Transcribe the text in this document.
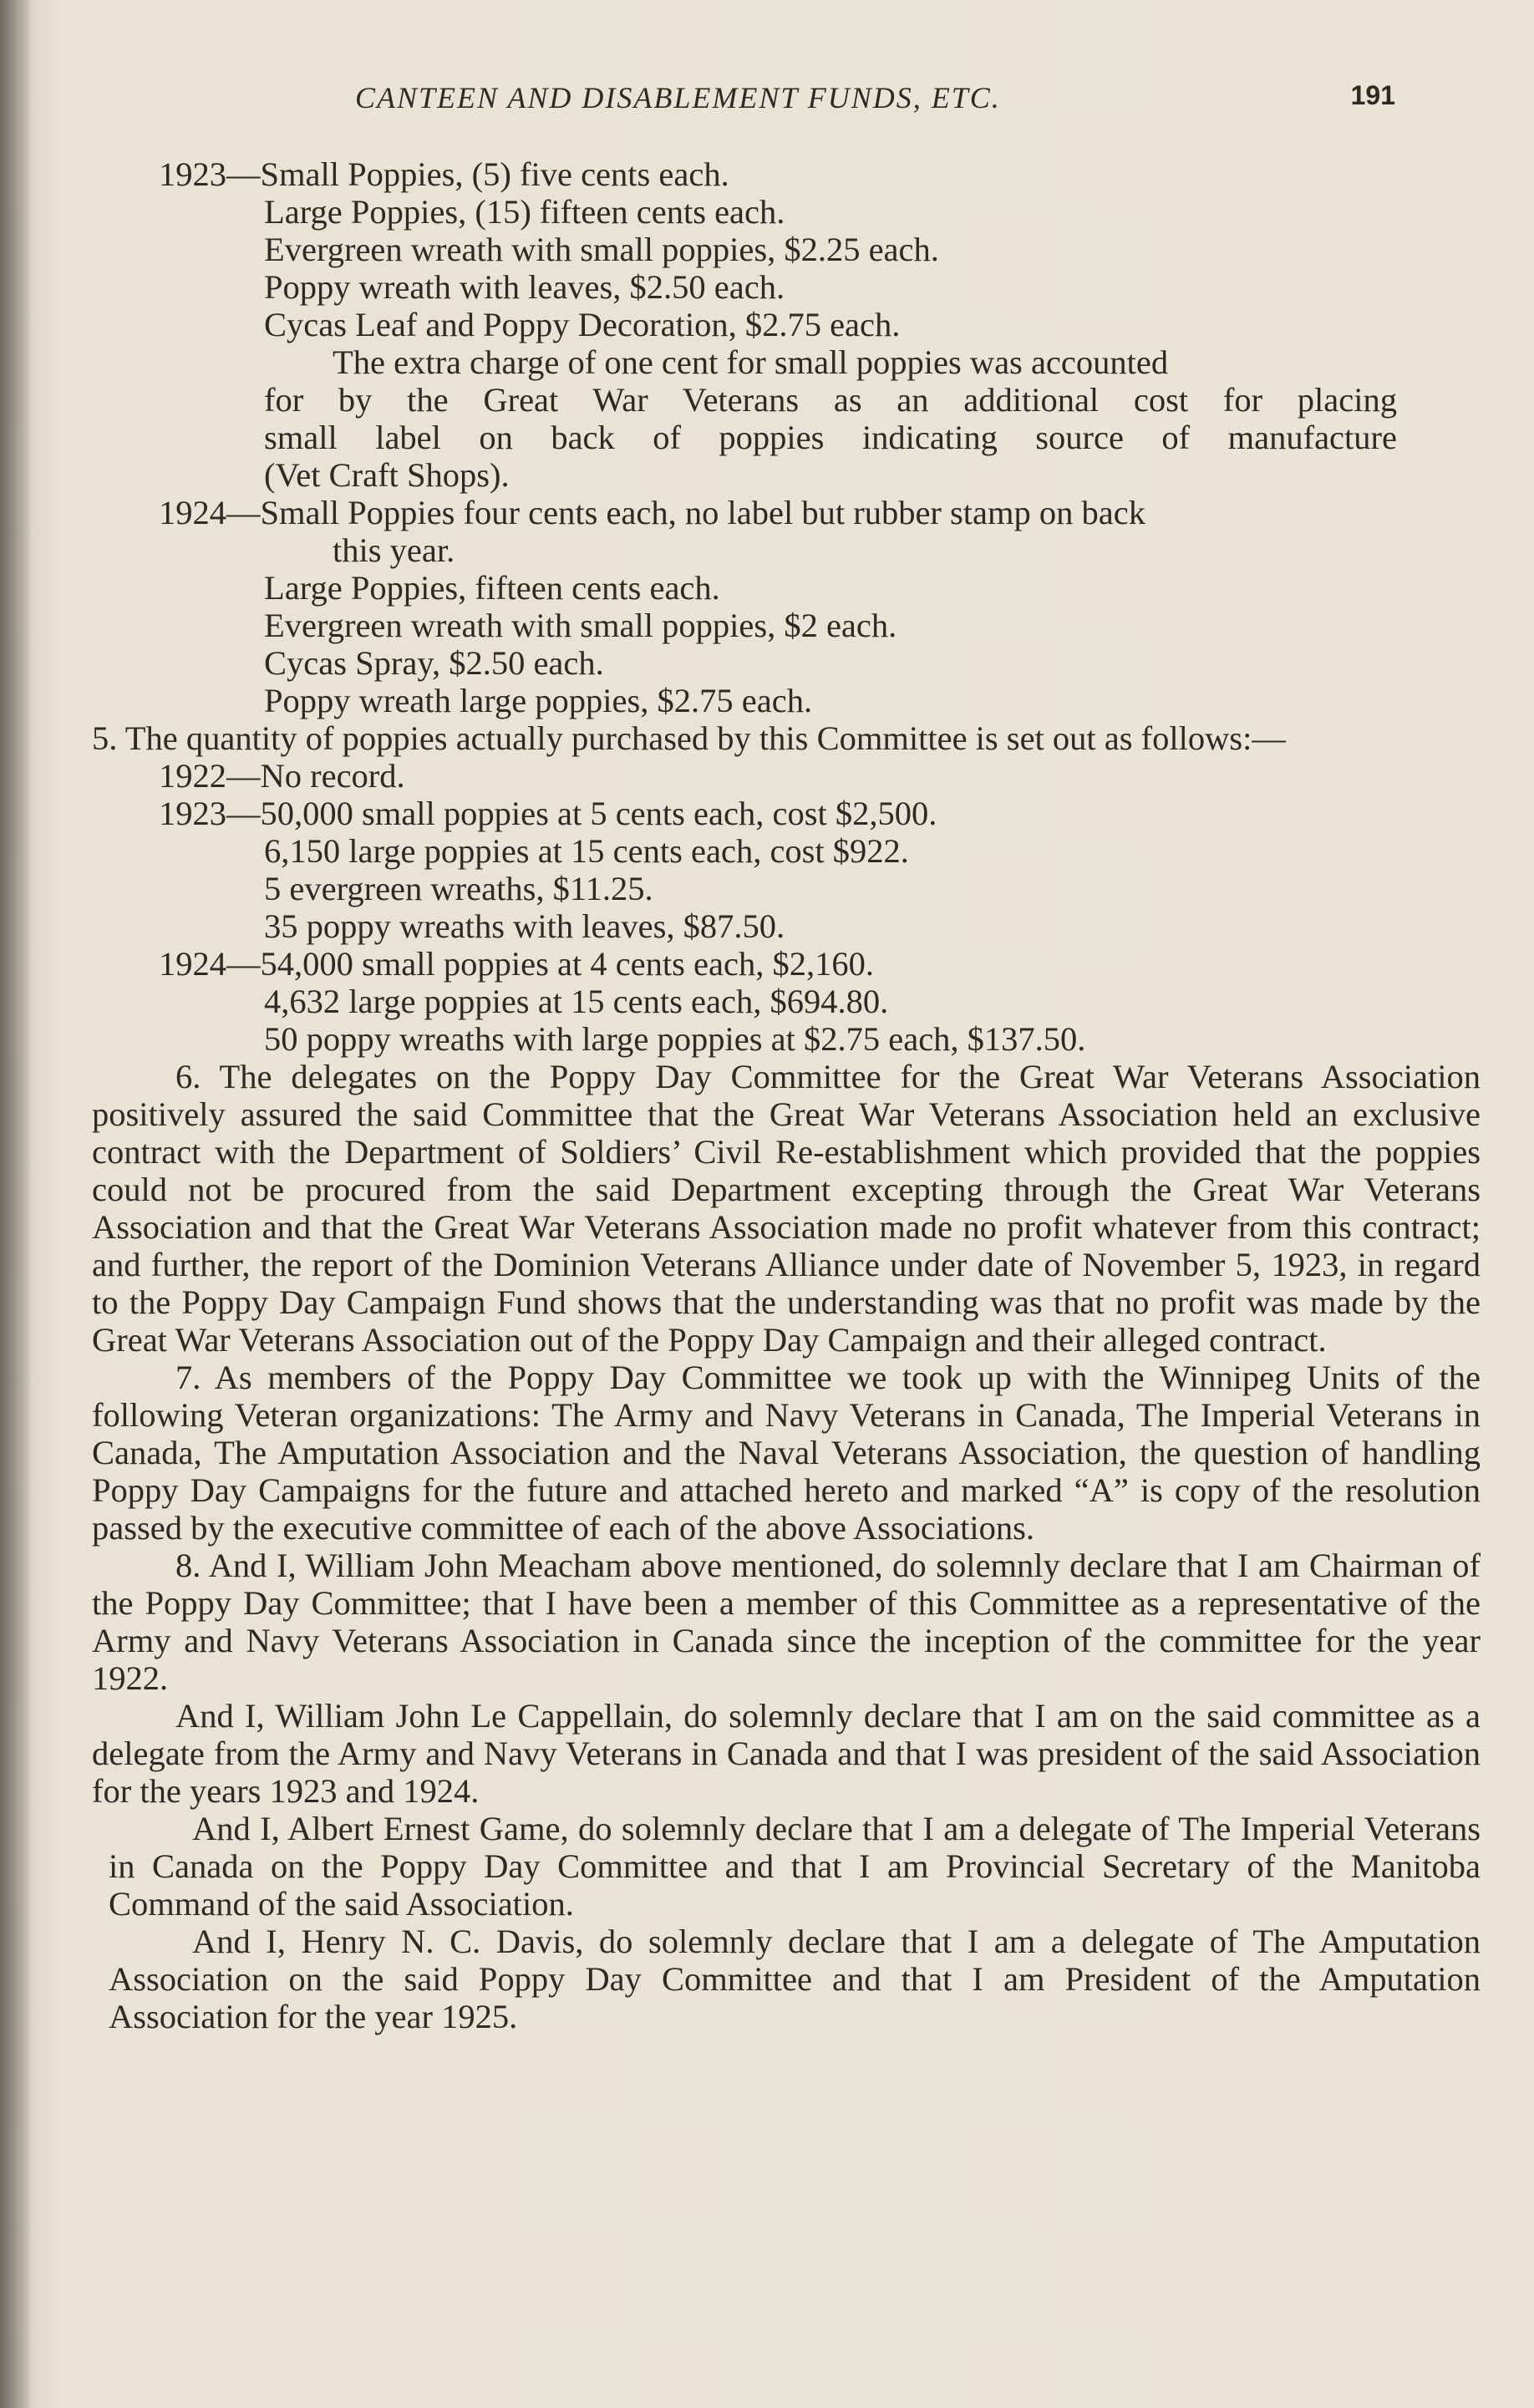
CANTEEN AND DISABLEMENT FUNDS, ETC.	191

1923—Small Poppies, (5) five cents each.

Large Poppies, (15) fifteen cents each.

Evergreen wreath with small poppies, $2.25 each.

Poppy wreath with leaves, $2.50 each.

Cycas Leaf and Poppy Decoration, $2.75 each.

The extra charge of one cent for small poppies was accounted

for by the Great War Veterans as an additional cost for placing

small label on back of poppies indicating source of manufacture

(Vet Craft Shops).

1924—Small Poppies four cents each, no label but rubber stamp on back

this year.

Large Poppies, fifteen cents each.

Evergreen wreath with small poppies, $2 each.

Cycas Spray, $2.50 each.

Poppy wreath large poppies, $2.75 each.

5. The quantity of poppies actually purchased by this Committee is set out as follows:—

1922—No record.

1923—50,000 small poppies at 5 cents each, cost $2,500.

6,150 large poppies at 15 cents each, cost $922.

5 evergreen wreaths, $11.25.

35 poppy wreaths with leaves, $87.50.

1924—54,000 small poppies at 4 cents each, $2,160.

4,632 large poppies at 15 cents each, $694.80.

50 poppy wreaths with large poppies at $2.75 each, $137.50.

6. The delegates on the Poppy Day Committee for the Great War Veterans Association positively assured the said Committee that the Great War Veterans Association held an exclusive contract with the Department of Soldiers’ Civil Re-establishment which provided that the poppies could not be procured from the said Department excepting through the Great War Veterans Association and that the Great War Veterans Association made no profit whatever from this contract; and further, the report of the Dominion Veterans Alliance under date of November 5, 1923, in regard to the Poppy Day Campaign Fund shows that the understanding was that no profit was made by the Great War Veterans Association out of the Poppy Day Campaign and their alleged contract.

7. As members of the Poppy Day Committee we took up with the Winnipeg Units of the following Veteran organizations: The Army and Navy Veterans in Canada, The Imperial Veterans in Canada, The Amputation Association and the Naval Veterans Association, the question of handling Poppy Day Campaigns for the future and attached hereto and marked “A” is copy of the resolution passed by the executive committee of each of the above Associations.

8. And I, William John Meacham above mentioned, do solemnly declare that I am Chairman of the Poppy Day Committee; that I have been a member of this Committee as a representative of the Army and Navy Veterans Association in Canada since the inception of the committee for the year 1922.

And I, William John Le Cappellain, do solemnly declare that I am on the said committee as a delegate from the Army and Navy Veterans in Canada and that I was president of the said Association for the years 1923 and 1924.

And I, Albert Ernest Game, do solemnly declare that I am a delegate of The Imperial Veterans in Canada on the Poppy Day Committee and that I am Provincial Secretary of the Manitoba Command of the said Association.

And I, Henry N. C. Davis, do solemnly declare that I am a delegate of The Amputation Association on the said Poppy Day Committee and that I am President of the Amputation Association for the year 1925.
